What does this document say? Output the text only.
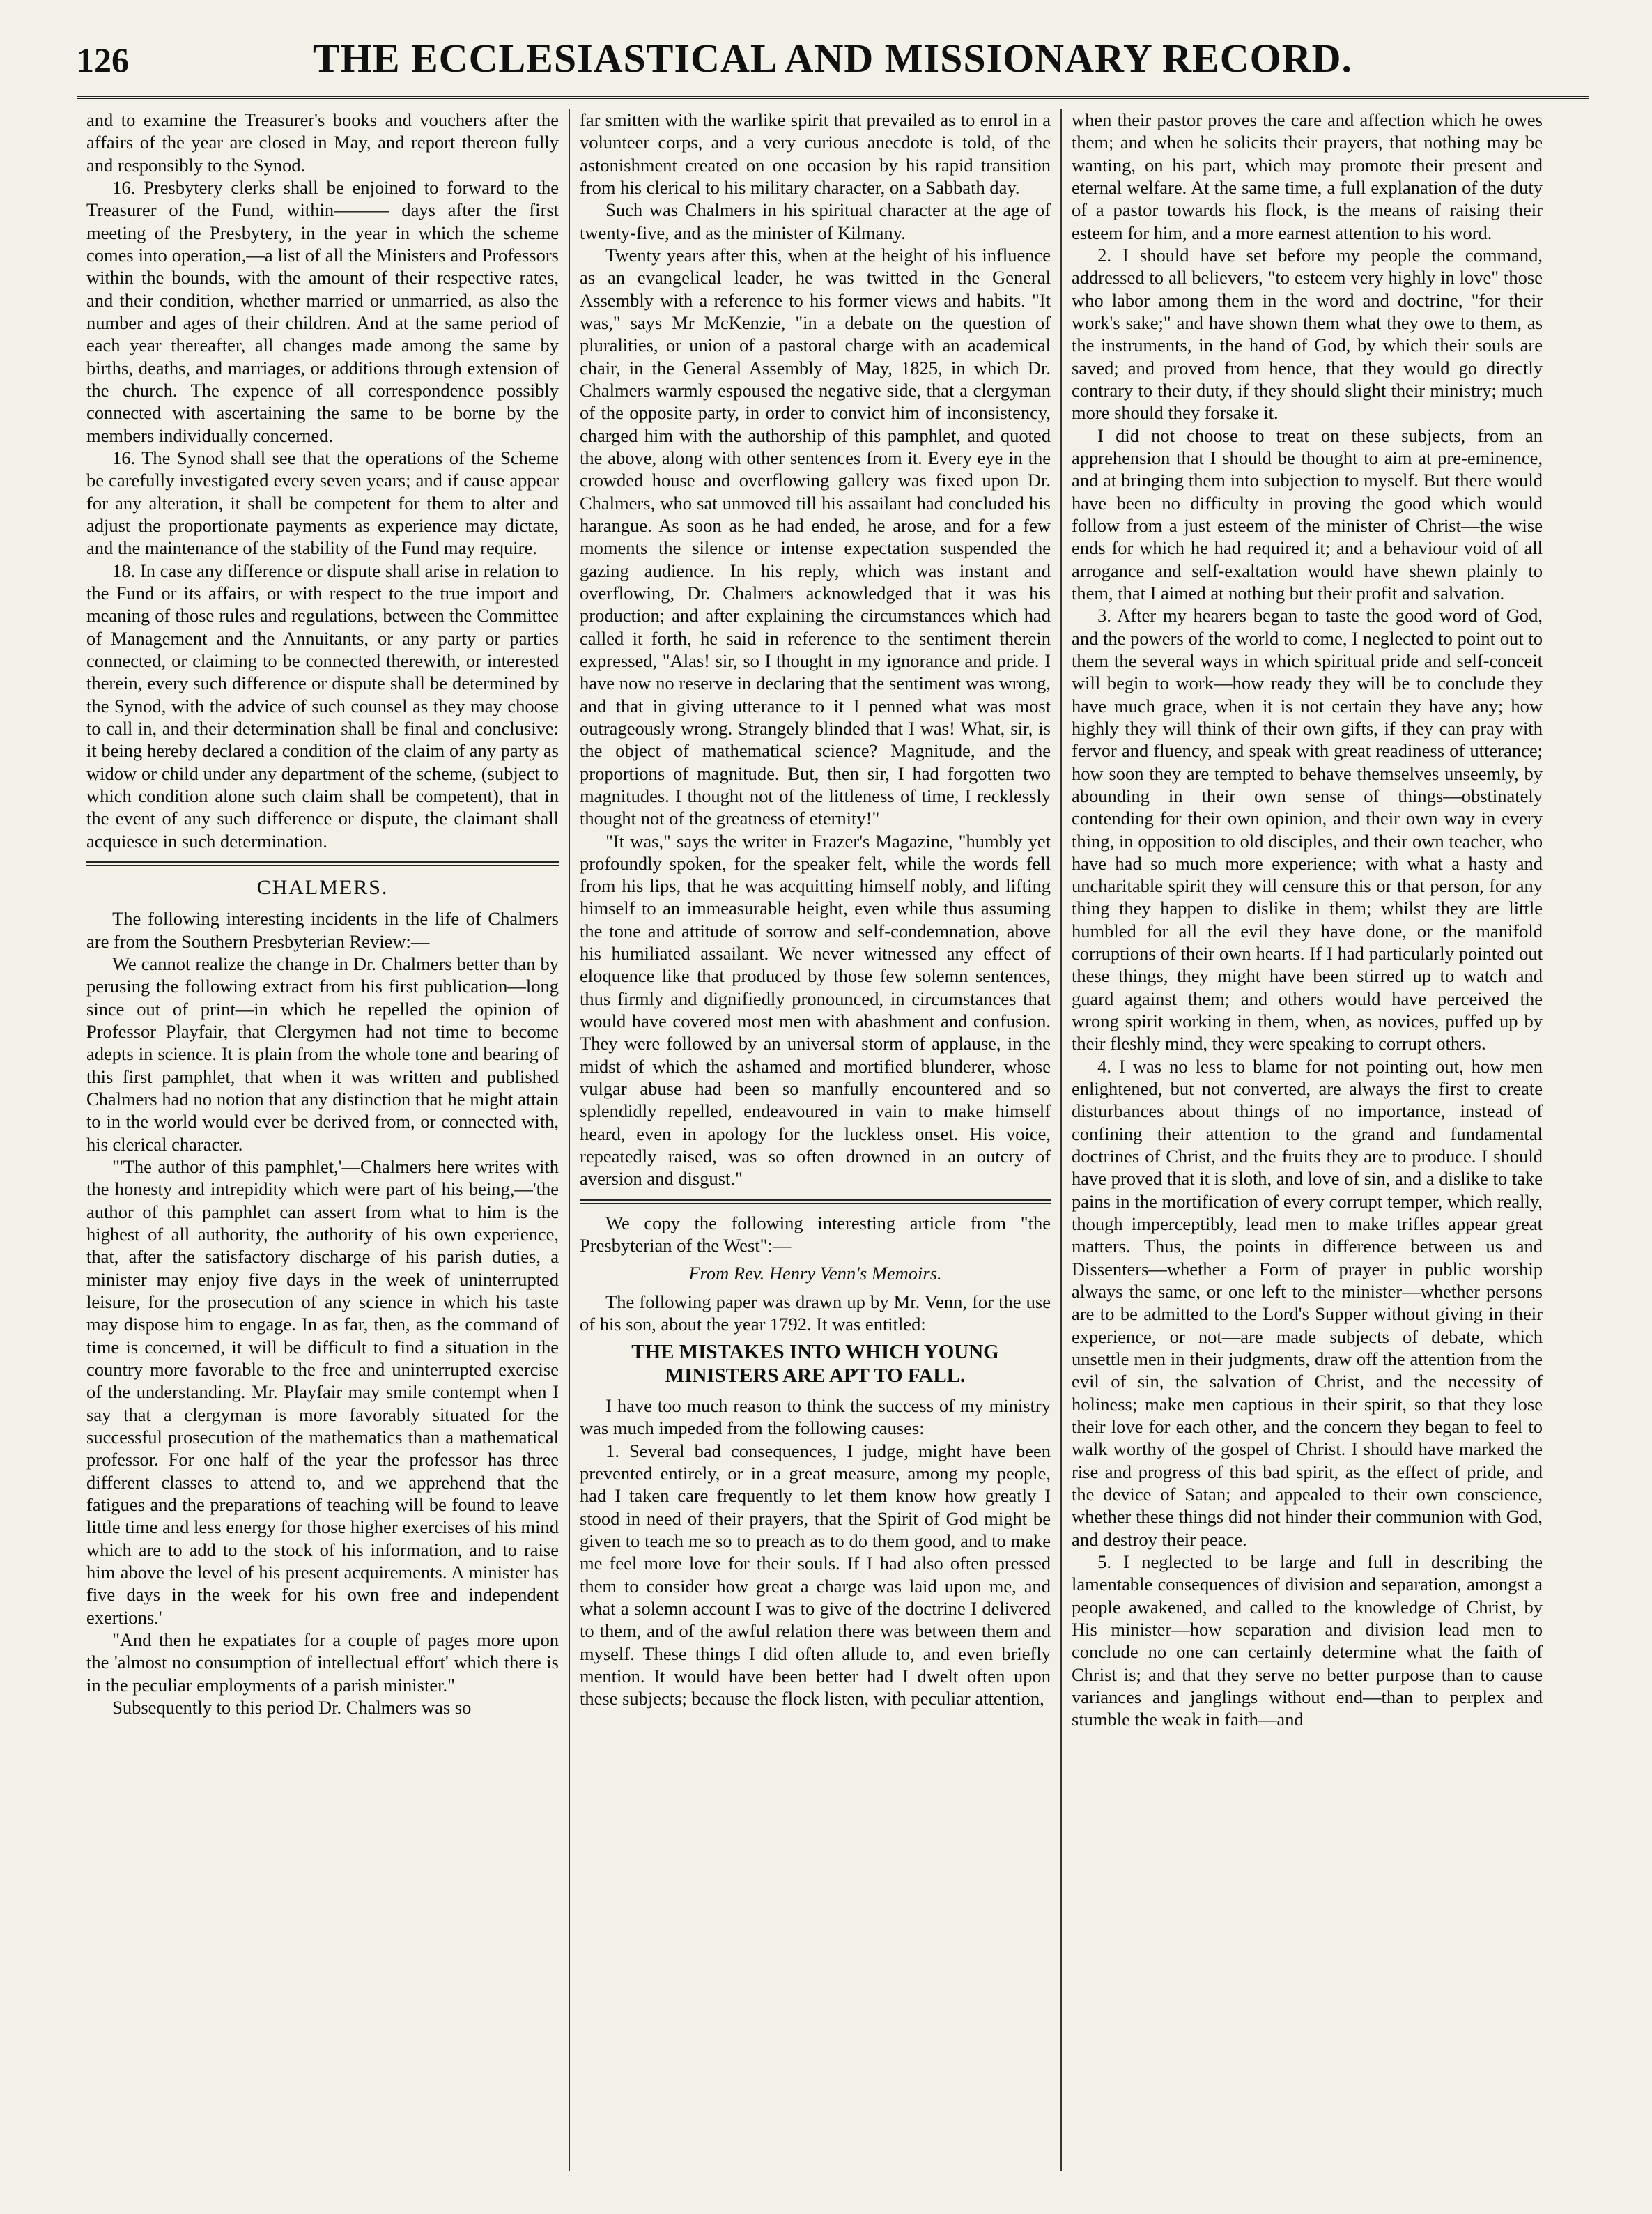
126	THE ECCLESIASTICAL AND MISSIONARY RECORD.

and to examine the Treasurer's books and vouchers after the affairs of the year are closed in May, and report thereon fully and responsibly to the Synod.

16. Presbytery clerks shall be enjoined to forward to the Treasurer of the Fund, within——— days after the first meeting of the Presbytery, in the year in which the scheme comes into operation,—a list of all the Ministers and Professors within the bounds, with the amount of their respective rates, and their condition, whether married or unmarried, as also the number and ages of their children. And at the same period of each year thereafter, all changes made among the same by births, deaths, and marriages, or additions through extension of the church. The expence of all correspondence possibly connected with ascertaining the same to be borne by the members individually concerned.

16. The Synod shall see that the operations of the Scheme be carefully investigated every seven years; and if cause appear for any alteration, it shall be competent for them to alter and adjust the proportionate payments as experience may dictate, and the maintenance of the stability of the Fund may require.

18. In case any difference or dispute shall arise in relation to the Fund or its affairs, or with respect to the true import and meaning of those rules and regulations, between the Committee of Management and the Annuitants, or any party or parties connected, or claiming to be connected therewith, or interested therein, every such difference or dispute shall be determined by the Synod, with the advice of such counsel as they may choose to call in, and their determination shall be final and conclusive: it being hereby declared a condition of the claim of any party as widow or child under any department of the scheme, (subject to which condition alone such claim shall be competent), that in the event of any such difference or dispute, the claimant shall acquiesce in such determination.

CHALMERS.

The following interesting incidents in the life of Chalmers are from the Southern Presbyterian Review:—

We cannot realize the change in Dr. Chalmers better than by perusing the following extract from his first publication—long since out of print—in which he repelled the opinion of Professor Playfair, that Clergymen had not time to become adepts in science. It is plain from the whole tone and bearing of this first pamphlet, that when it was written and published Chalmers had no notion that any distinction that he might attain to in the world would ever be derived from, or connected with, his clerical character.

"'The author of this pamphlet,'—Chalmers here writes with the honesty and intrepidity which were part of his being,—'the author of this pamphlet can assert from what to him is the highest of all authority, the authority of his own experience, that, after the satisfactory discharge of his parish duties, a minister may enjoy five days in the week of uninterrupted leisure, for the prosecution of any science in which his taste may dispose him to engage. In as far, then, as the command of time is concerned, it will be difficult to find a situation in the country more favorable to the free and uninterrupted exercise of the understanding. Mr. Playfair may smile contempt when I say that a clergyman is more favorably situated for the successful prosecution of the mathematics than a mathematical professor. For one half of the year the professor has three different classes to attend to, and we apprehend that the fatigues and the preparations of teaching will be found to leave little time and less energy for those higher exercises of his mind which are to add to the stock of his information, and to raise him above the level of his present acquirements. A minister has five days in the week for his own free and independent exertions.'

"And then he expatiates for a couple of pages more upon the 'almost no consumption of intellectual effort' which there is in the peculiar employments of a parish minister."

Subsequently to this period Dr. Chalmers was so

far smitten with the warlike spirit that prevailed as to enrol in a volunteer corps, and a very curious anecdote is told, of the astonishment created on one occasion by his rapid transition from his clerical to his military character, on a Sabbath day.

Such was Chalmers in his spiritual character at the age of twenty-five, and as the minister of Kilmany.

Twenty years after this, when at the height of his influence as an evangelical leader, he was twitted in the General Assembly with a reference to his former views and habits. "It was," says Mr McKenzie, "in a debate on the question of pluralities, or union of a pastoral charge with an academical chair, in the General Assembly of May, 1825, in which Dr. Chalmers warmly espoused the negative side, that a clergyman of the opposite party, in order to convict him of inconsistency, charged him with the authorship of this pamphlet, and quoted the above, along with other sentences from it. Every eye in the crowded house and overflowing gallery was fixed upon Dr. Chalmers, who sat unmoved till his assailant had concluded his harangue. As soon as he had ended, he arose, and for a few moments the silence or intense expectation suspended the gazing audience. In his reply, which was instant and overflowing, Dr. Chalmers acknowledged that it was his production; and after explaining the circumstances which had called it forth, he said in reference to the sentiment therein expressed, "Alas! sir, so I thought in my ignorance and pride. I have now no reserve in declaring that the sentiment was wrong, and that in giving utterance to it I penned what was most outrageously wrong. Strangely blinded that I was! What, sir, is the object of mathematical science? Magnitude, and the proportions of magnitude. But, then sir, I had forgotten two magnitudes. I thought not of the littleness of time, I recklessly thought not of the greatness of eternity!"

"It was," says the writer in Frazer's Magazine, "humbly yet profoundly spoken, for the speaker felt, while the words fell from his lips, that he was acquitting himself nobly, and lifting himself to an immeasurable height, even while thus assuming the tone and attitude of sorrow and self-condemnation, above his humiliated assailant. We never witnessed any effect of eloquence like that produced by those few solemn sentences, thus firmly and dignifiedly pronounced, in circumstances that would have covered most men with abashment and confusion. They were followed by an universal storm of applause, in the midst of which the ashamed and mortified blunderer, whose vulgar abuse had been so manfully encountered and so splendidly repelled, endeavoured in vain to make himself heard, even in apology for the luckless onset. His voice, repeatedly raised, was so often drowned in an outcry of aversion and disgust."

We copy the following interesting article from "the Presbyterian of the West":—

From Rev. Henry Venn's Memoirs.

The following paper was drawn up by Mr. Venn, for the use of his son, about the year 1792. It was entitled:

THE MISTAKES INTO WHICH YOUNG MINISTERS ARE APT TO FALL.

I have too much reason to think the success of my ministry was much impeded from the following causes:

1. Several bad consequences, I judge, might have been prevented entirely, or in a great measure, among my people, had I taken care frequently to let them know how greatly I stood in need of their prayers, that the Spirit of God might be given to teach me so to preach as to do them good, and to make me feel more love for their souls. If I had also often pressed them to consider how great a charge was laid upon me, and what a solemn account I was to give of the doctrine I delivered to them, and of the awful relation there was between them and myself. These things I did often allude to, and even briefly mention. It would have been better had I dwelt often upon these subjects; because the flock listen, with peculiar attention,

when their pastor proves the care and affection which he owes them; and when he solicits their prayers, that nothing may be wanting, on his part, which may promote their present and eternal welfare. At the same time, a full explanation of the duty of a pastor towards his flock, is the means of raising their esteem for him, and a more earnest attention to his word.

2. I should have set before my people the command, addressed to all believers, "to esteem very highly in love" those who labor among them in the word and doctrine, "for their work's sake;" and have shown them what they owe to them, as the instruments, in the hand of God, by which their souls are saved; and proved from hence, that they would go directly contrary to their duty, if they should slight their ministry; much more should they forsake it.

I did not choose to treat on these subjects, from an apprehension that I should be thought to aim at pre-eminence, and at bringing them into subjection to myself. But there would have been no difficulty in proving the good which would follow from a just esteem of the minister of Christ—the wise ends for which he had required it; and a behaviour void of all arrogance and self-exaltation would have shewn plainly to them, that I aimed at nothing but their profit and salvation.

3. After my hearers began to taste the good word of God, and the powers of the world to come, I neglected to point out to them the several ways in which spiritual pride and self-conceit will begin to work—how ready they will be to conclude they have much grace, when it is not certain they have any; how highly they will think of their own gifts, if they can pray with fervor and fluency, and speak with great readiness of utterance; how soon they are tempted to behave themselves unseemly, by abounding in their own sense of things—obstinately contending for their own opinion, and their own way in every thing, in opposition to old disciples, and their own teacher, who have had so much more experience; with what a hasty and uncharitable spirit they will censure this or that person, for any thing they happen to dislike in them; whilst they are little humbled for all the evil they have done, or the manifold corruptions of their own hearts. If I had particularly pointed out these things, they might have been stirred up to watch and guard against them; and others would have perceived the wrong spirit working in them, when, as novices, puffed up by their fleshly mind, they were speaking to corrupt others.

4. I was no less to blame for not pointing out, how men enlightened, but not converted, are always the first to create disturbances about things of no importance, instead of confining their attention to the grand and fundamental doctrines of Christ, and the fruits they are to produce. I should have proved that it is sloth, and love of sin, and a dislike to take pains in the mortification of every corrupt temper, which really, though imperceptibly, lead men to make trifles appear great matters. Thus, the points in difference between us and Dissenters—whether a Form of prayer in public worship always the same, or one left to the minister—whether persons are to be admitted to the Lord's Supper without giving in their experience, or not—are made subjects of debate, which unsettle men in their judgments, draw off the attention from the evil of sin, the salvation of Christ, and the necessity of holiness; make men captious in their spirit, so that they lose their love for each other, and the concern they began to feel to walk worthy of the gospel of Christ. I should have marked the rise and progress of this bad spirit, as the effect of pride, and the device of Satan; and appealed to their own conscience, whether these things did not hinder their communion with God, and destroy their peace.

5. I neglected to be large and full in describing the lamentable consequences of division and separation, amongst a people awakened, and called to the knowledge of Christ, by His minister—how separation and division lead men to conclude no one can certainly determine what the faith of Christ is; and that they serve no better purpose than to cause variances and janglings without end—than to perplex and stumble the weak in faith—and
